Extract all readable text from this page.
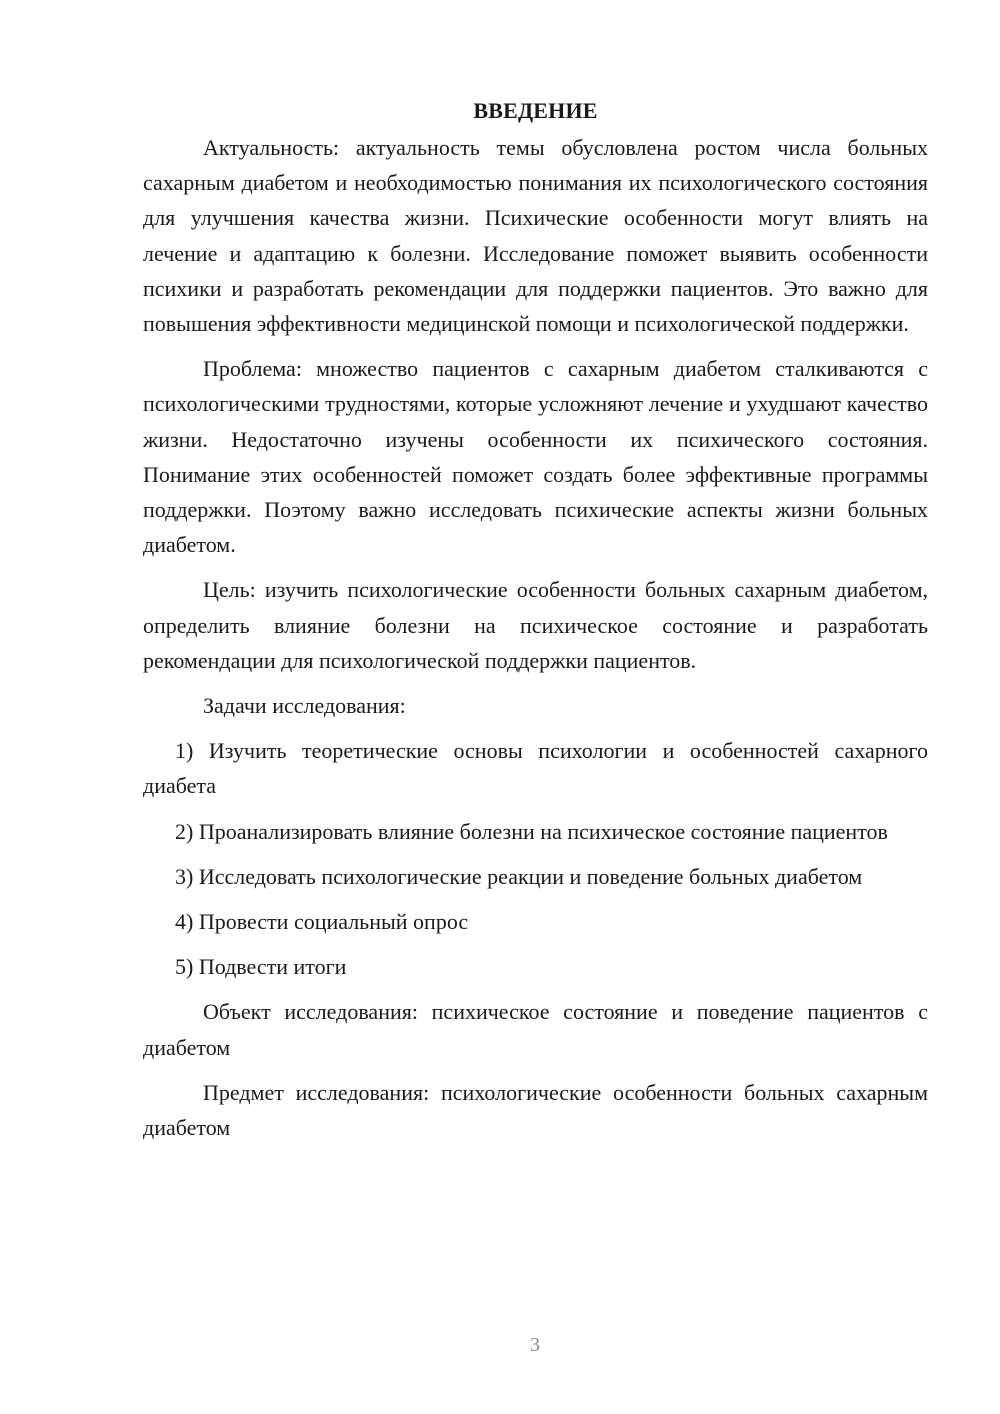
ВВЕДЕНИЕ

Актуальность: актуальность темы обусловлена ростом числа больных сахарным диабетом и необходимостью понимания их психологического состояния для улучшения качества жизни. Психические особенности могут влиять на лечение и адаптацию к болезни. Исследование поможет выявить особенности психики и разработать рекомендации для поддержки пациентов. Это важно для повышения эффективности медицинской помощи и психологической поддержки.

Проблема: множество пациентов с сахарным диабетом сталкиваются с психологическими трудностями, которые усложняют лечение и ухудшают качество жизни. Недостаточно изучены особенности их психического состояния. Понимание этих особенностей поможет создать более эффективные программы поддержки. Поэтому важно исследовать психические аспекты жизни больных диабетом.

Цель: изучить психологические особенности больных сахарным диабетом, определить влияние болезни на психическое состояние и разработать рекомендации для психологической поддержки пациентов.

Задачи исследования:

1) Изучить теоретические основы психологии и особенностей сахарного диабета

2) Проанализировать влияние болезни на психическое состояние пациентов

3) Исследовать психологические реакции и поведение больных диабетом

4) Провести социальный опрос

5) Подвести итоги

Объект исследования: психическое состояние и поведение пациентов с диабетом

Предмет исследования: психологические особенности больных сахарным диабетом

3
